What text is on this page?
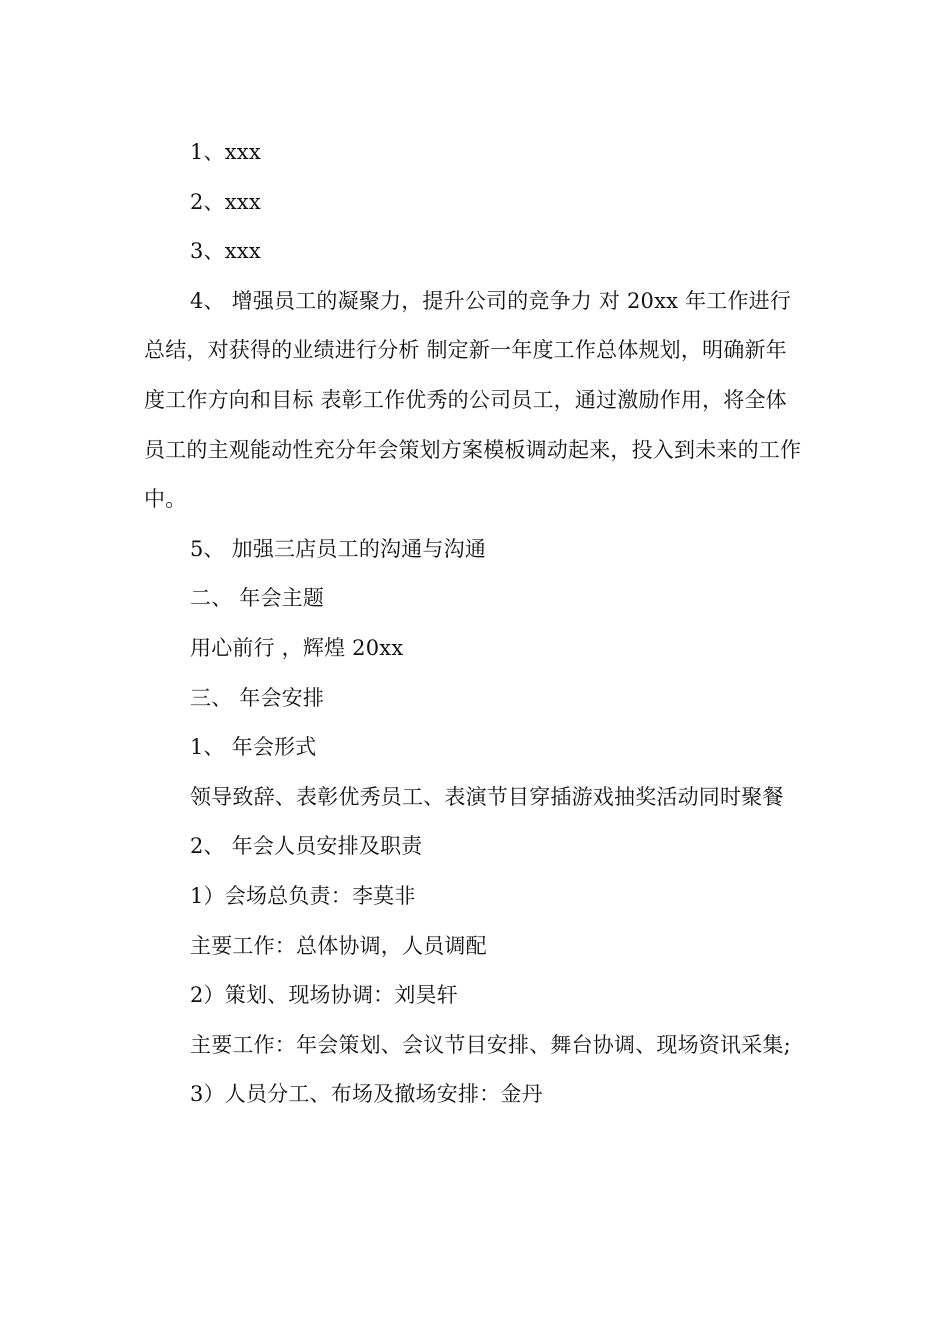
1、xxx

2、xxx

3、xxx

4、 增强员工的凝聚力，提升公司的竞争力 对 20xx 年工作进行总结，对获得的业绩进行分析 制定新一年度工作总体规划，明确新年度工作方向和目标 表彰工作优秀的公司员工，通过激励作用，将全体员工的主观能动性充分年会策划方案模板调动起来，投入到未来的工作中。

5、 加强三店员工的沟通与沟通

二、 年会主题

用心前行 ，辉煌 20xx

三、 年会安排

1、 年会形式

领导致辞、表彰优秀员工、表演节目穿插游戏抽奖活动同时聚餐

2、 年会人员安排及职责

1）会场总负责：李莫非

主要工作：总体协调，人员调配

2）策划、现场协调：刘昊轩

主要工作：年会策划、会议节目安排、舞台协调、现场资讯采集;

3）人员分工、布场及撤场安排：金丹
